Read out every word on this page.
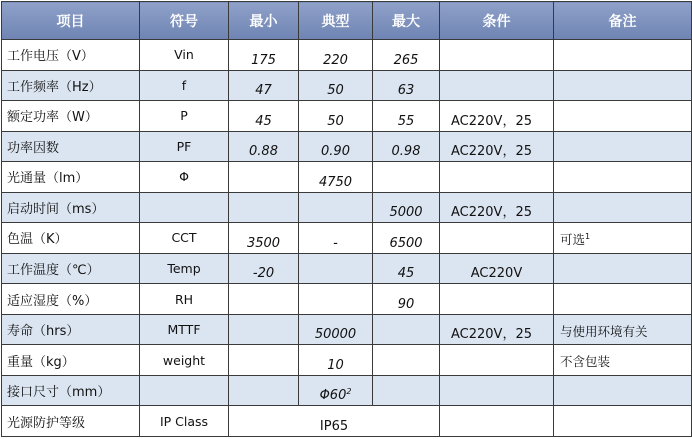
项目	符号	最小	典型	最大	条件	备注
工作电压（V）	Vin	175	220	265		
工作频率（Hz）	f	47	50	63		
额定功率（W）	P	45	50	55	AC220V，25	
功率因数	PF	0.88	0.90	0.98	AC220V，25	
光通量（lm）	Φ		4750			
启动时间（ms）				5000	AC220V，25	
色温（K）	CCT	3500	-	6500		可选$^1$
工作温度（℃）	Temp	-20		45	AC220V	
适应湿度（%）	RH			90		
寿命（hrs）	MTTF		50000		AC220V，25	与使用环境有关
重量（kg）	weight		10			不含包装
接口尺寸（mm）			$\Phi 60^2$			
光源防护等级	IP Class	IP65				
